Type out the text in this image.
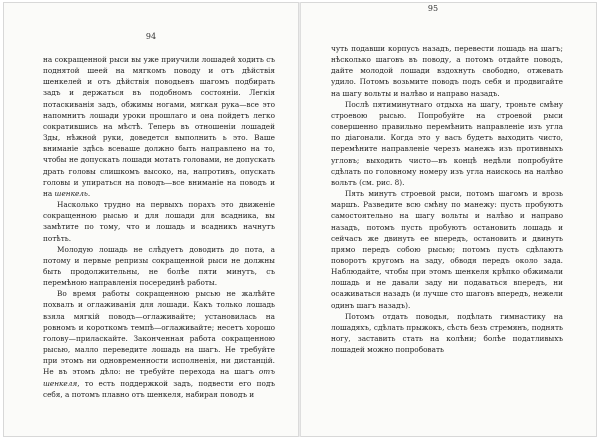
94

на сокращенной рыси вы уже приучили лошадей ходить съ поднятой шеей на мягкомъ поводу и отъ дѣйствія шенкелей и отъ дѣйствія поводьевъ шагомъ подбирать задъ и держаться въ подобномъ состояніи. Легкія потаскиванія задъ, обжимы ногами, мягкая рука—все это напомнитъ лошади уроки прошлаго и она пойдетъ легко сократившись на мѣстѣ. Теперь въ отношеніи лошадей Зды, нѣжной руки, доведется выполнить ь это. Ваше вниманіе здѣсь всеваше должно быть направлено на то, чтобы не допускать лошади мотать головами, не допускать драть головы слишкомъ высоко, на, напротивъ, опускать головы и упираться на поводъ—все вниманіе на поводъ и на шенкель.

Насколько трудно на первыхъ порахъ это движеніе сокращенною рысью и для лошади для всадника, вы замѣтите по тому, что и лошадь и всадникъ начнутъ потѣть.

Молодую лошадь не слѣдуетъ доводить до пота, а потому и первые репризы сокращенной рыси не должны быть продолжительны, не болѣе пяти минутъ, съ перемѣною направленія посерединѣ работы.

Во время работы сокращенною рысью не жалѣйте похвалъ и оглаживанія для лошади. Какъ только лошадь взяла мягкій поводъ—оглаживайте; установилась на ровномъ и короткомъ темпѣ—оглаживайте; несетъ хорошо голову—приласкайте. Законченная работа сокращенною рысью, малло переведите лошадь на шагъ. Не требуйте при этомъ ни одновременности исполненія, ни дистанцій. Не въ этомъ дѣло: не требуйте перехода на шагъ отъ шенкеля, то есть поддержкой задъ, подвести его подъ себя, а потомъ плавно отъ шенкеля, набирая поводъ и

95

чуть подавши корпусъ назадъ, перевести лошадь на шагъ; нѣсколько шаговъ въ поводу, а потомъ отдайте поводъ, дайте молодой лошади вздохнуть свободно, отжевать удило. Потомъ возьмите поводъ подъ себя и продвигайте на шагу вольты и налѣво и направо назадъ.

Послѣ пятиминутнаго отдыха на шагу, троньте смѣну строевою рысью. Попробуйте на строевой рыси совершенно правильно перемѣнить направленіе изъ угла по діагонали. Когда это у васъ будетъ выходить чисто, перемѣните направленіе черезъ манежъ изъ противныхъ угловъ; выходить чисто—въ концѣ недѣли попробуйте сдѣлать по головному номеру изъ угла наискось на налѣво вольтъ (см. рис. 8).

Пять минутъ строевой рыси, потомъ шагомъ и врозь маршъ. Разведите всю смѣну по манежу: пусть пробуютъ самостоятельно на шагу вольты и налѣво и направо назадъ, потомъ пусть пробуютъ остановить лошадь и сейчасъ же двинуть ее впередъ, остановить и двинуть прямо передъ собою рысью; потомъ пусть сдѣлаютъ поворотъ кругомъ на заду, обводя передъ около зада. Наблюдайте, чтобы при этомъ шенкеля крѣпко обжимали лошадь и не давали заду ни подаваться впередъ, ни осаживаться назадъ (и лучше сто шаговъ впередъ, нежели одинъ шагъ назадъ).

Потомъ отдать поводья, подѣлать гимнастику на лошадяхъ, сдѣлать прыжокъ, сѣсть безъ стремянъ, поднять ногу, заставить стать на колѣни; болѣе податливыхъ лошадей можно попробовать
